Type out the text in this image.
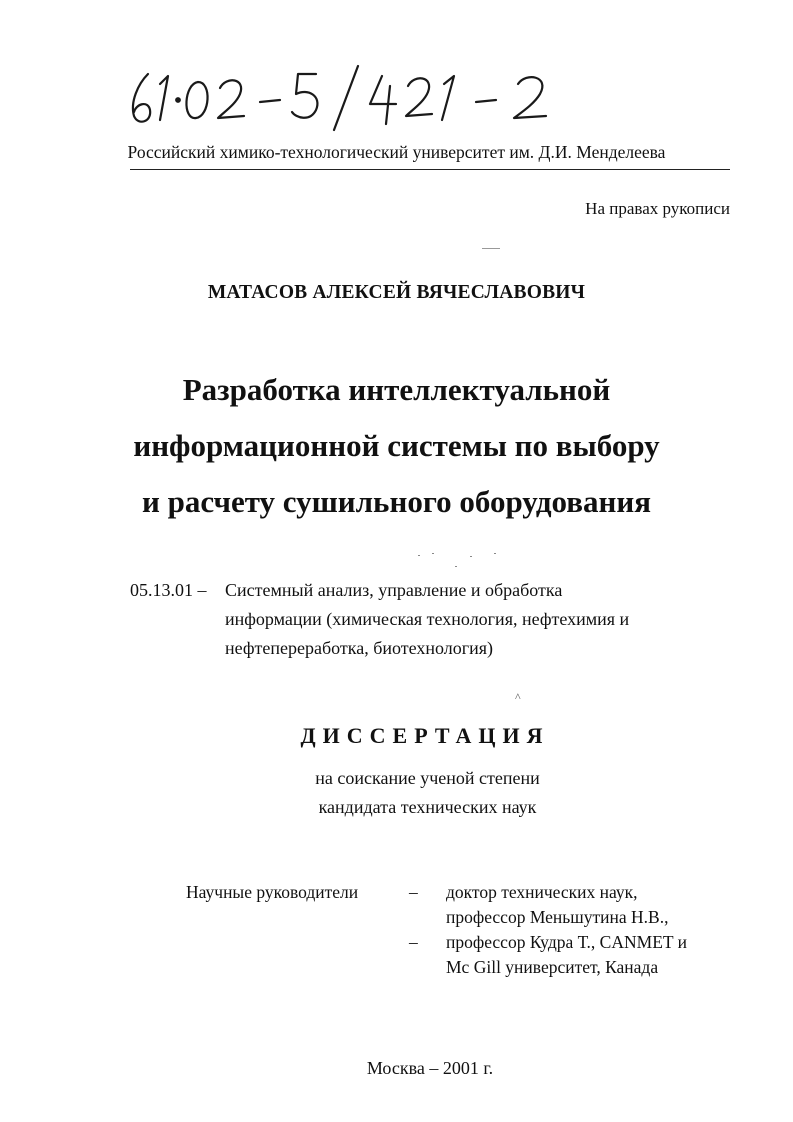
Российский химико-технологический университет им. Д.И. Менделеева
На правах рукописи
МАТАСОВ АЛЕКСЕЙ ВЯЧЕСЛАВОВИЧ
Разработка интеллектуальной
информационной системы по выбору
и расчету сушильного оборудования
05.13.01 – Системный анализ, управление и обработка
информации (химическая технология, нефтехимия и
нефтепереработка, биотехнология)
^
ДИССЕРТАЦИЯ
на соискание ученой степени
кандидата технических наук
Научные руководители	–
–
доктор технических наук,
профессор Меньшутина Н.В.,
профессор Кудра Т., CANMET и
Mc Gill университет, Канада
Москва – 2001 г.
